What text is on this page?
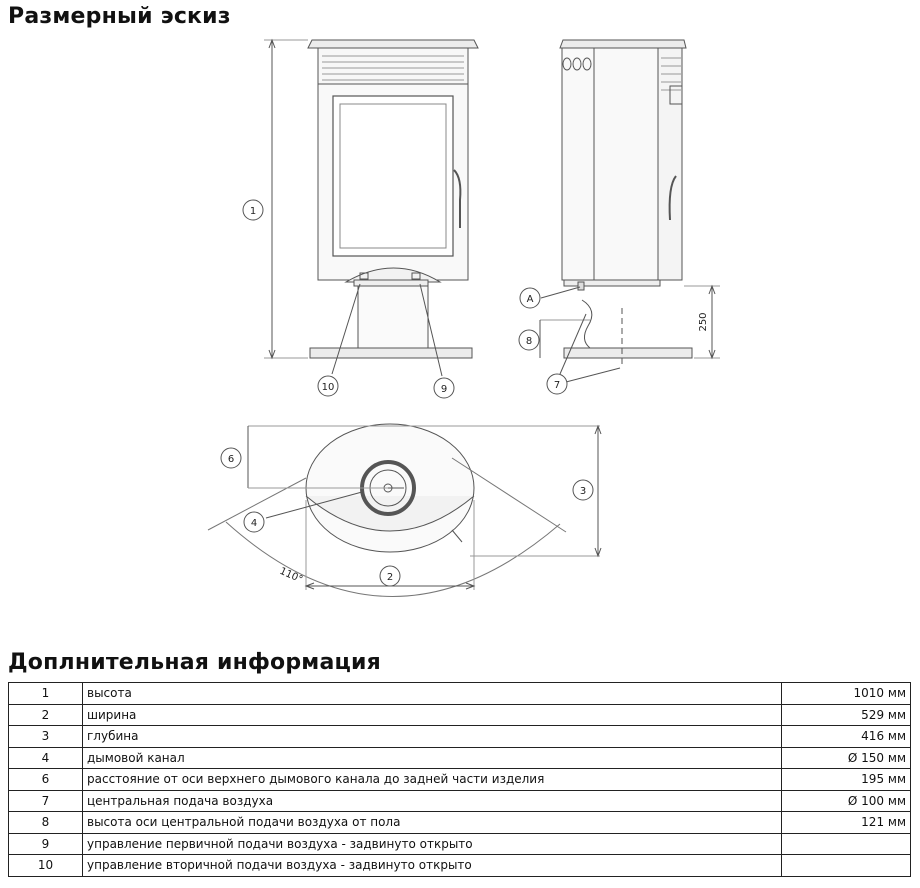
Размерный эскиз
1
10	9
A
8
7
6
4
3
2
250
110°
Доплнительная информация
1	высота	1010 мм
2	ширина	529 мм
3	глубина	416 мм
4	дымовой канал	Ø 150 мм
6	расстояние от оси верхнего дымового канала до задней части изделия	195 мм
7	центральная подача воздуха	Ø 100 мм
8	высота оси центральной подачи воздуха от пола	121 мм
9	управление первичной подачи воздуха - задвинуто открыто	
10	управление вторичной подачи воздуха - задвинуто открыто	
